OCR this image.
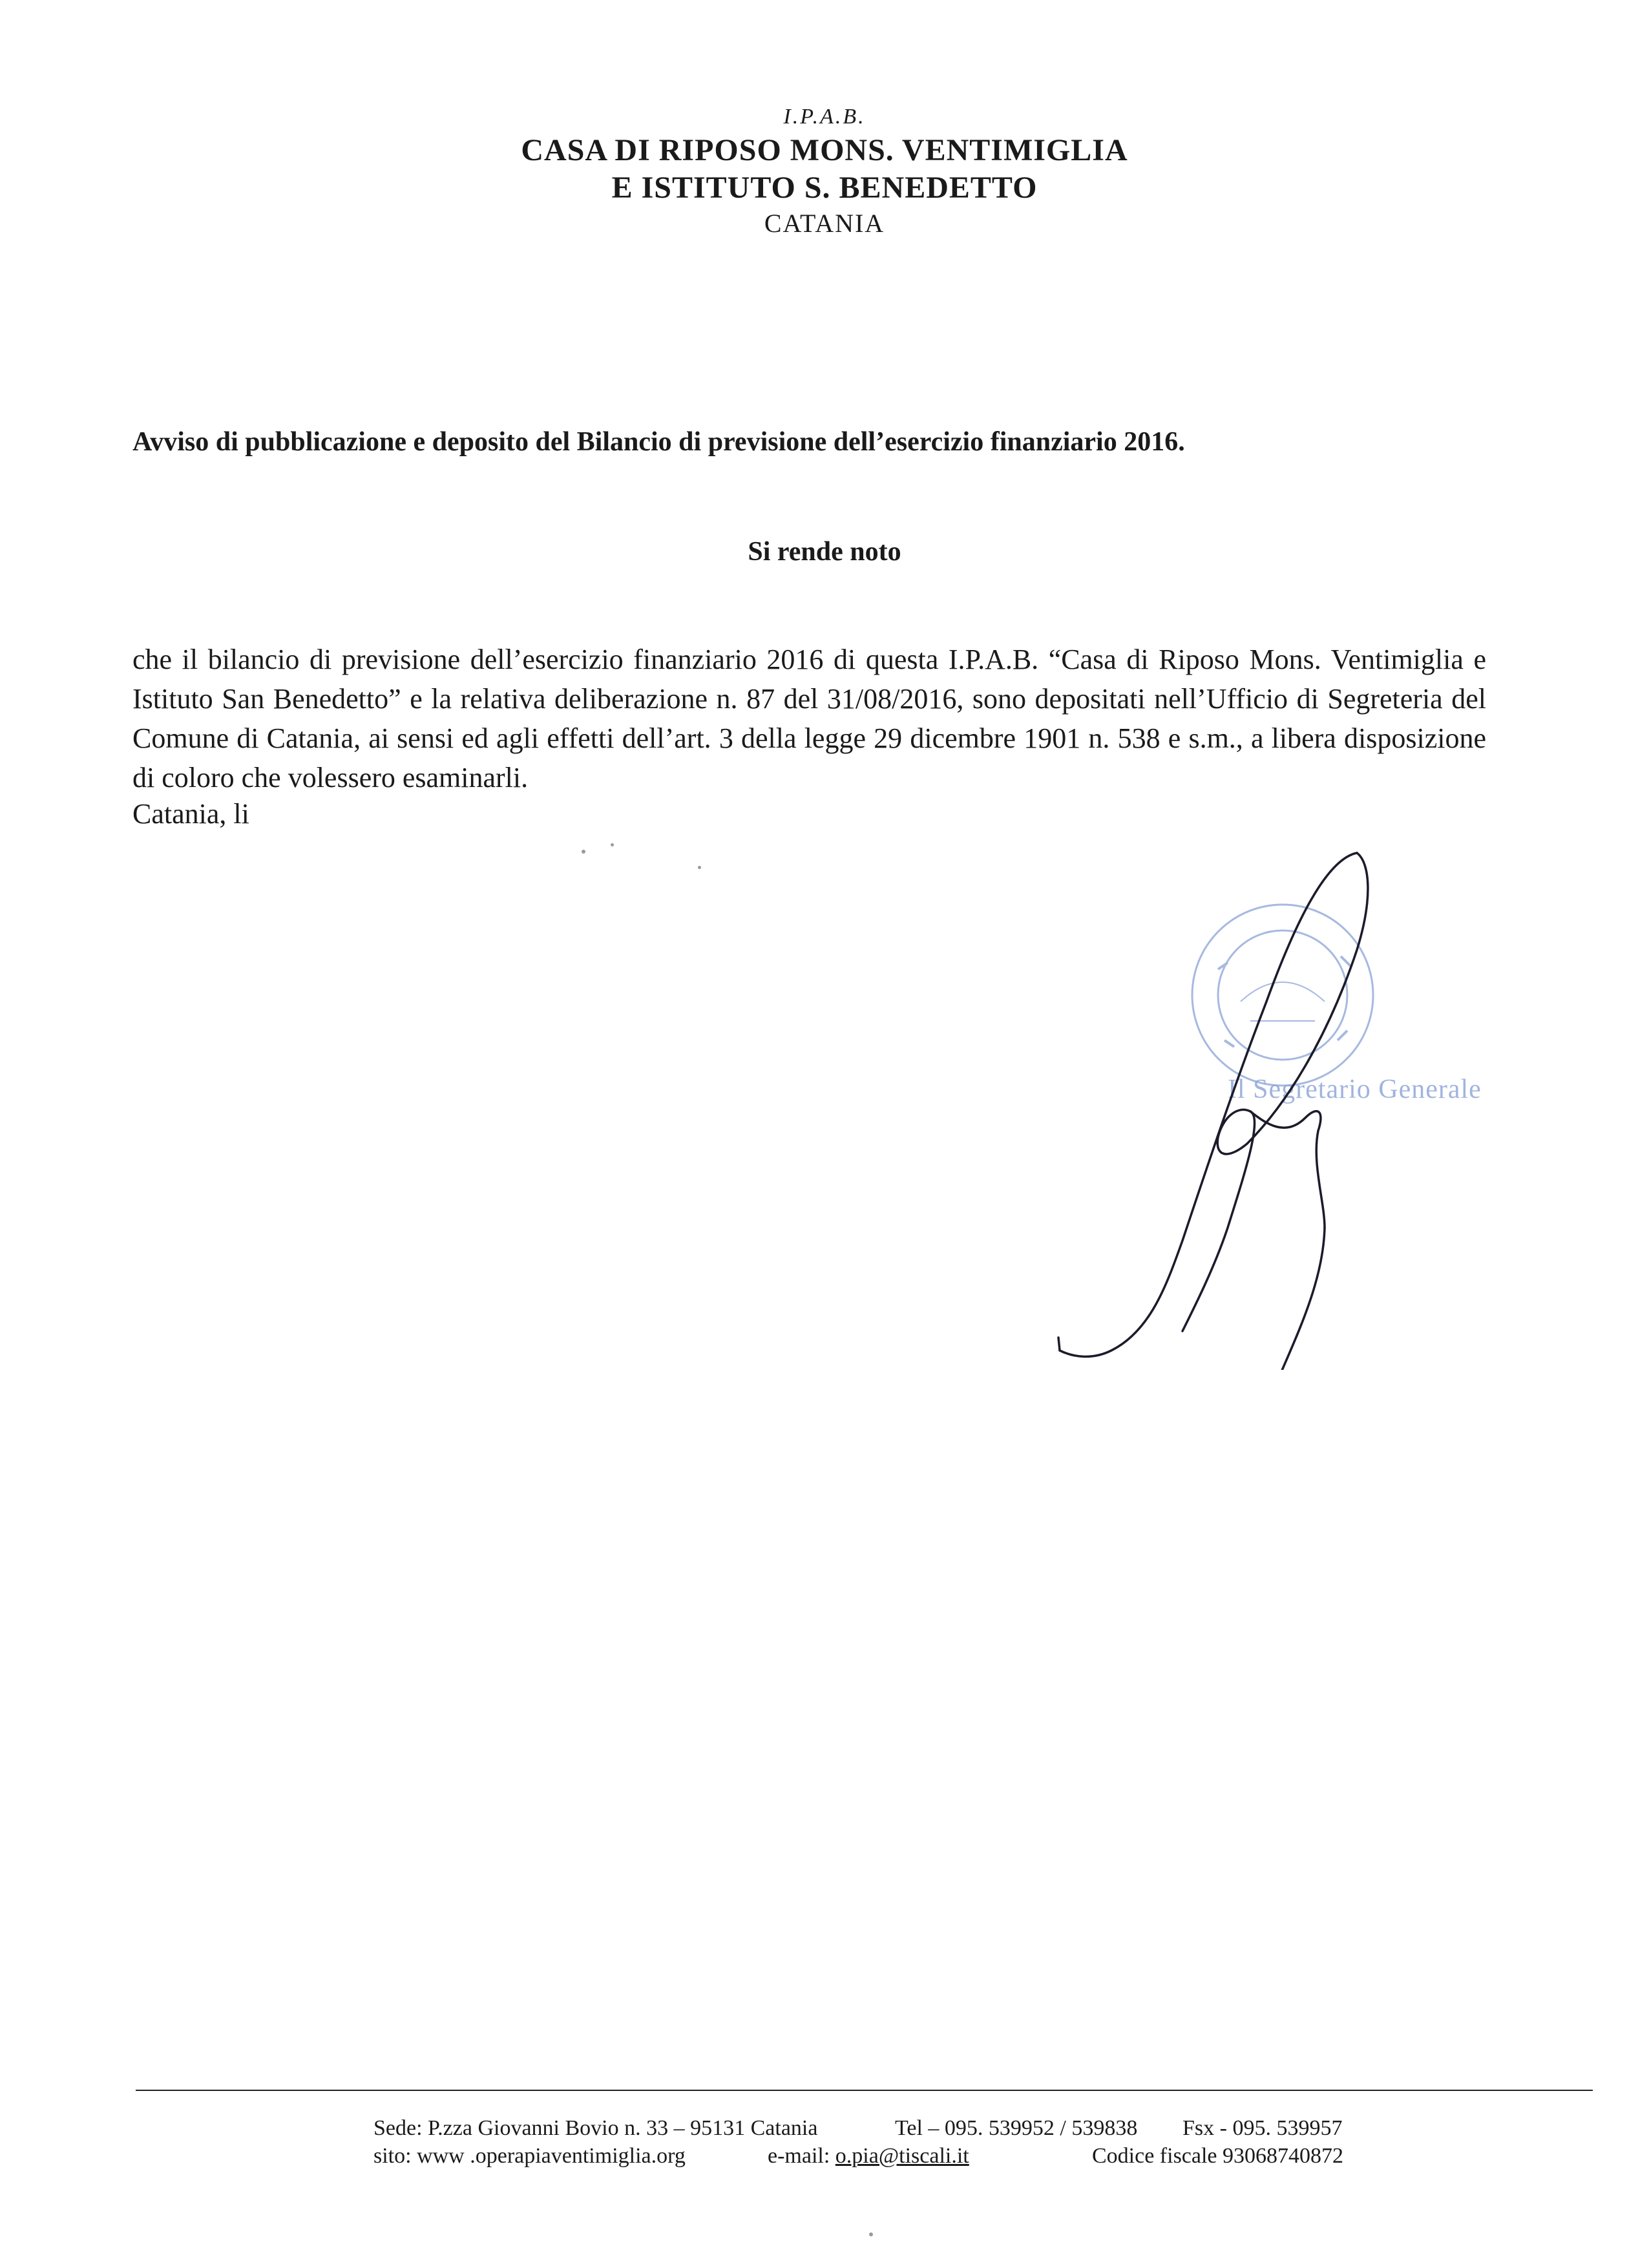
I.P.A.B.
CASA DI RIPOSO MONS. VENTIMIGLIA
E ISTITUTO S. BENEDETTO
CATANIA
Avviso di pubblicazione e deposito del Bilancio di previsione dell’esercizio finanziario 2016.
Si rende noto
che il bilancio di previsione dell’esercizio finanziario 2016 di questa I.P.A.B. “Casa di Riposo Mons. Ventimiglia e Istituto San Benedetto” e la relativa deliberazione n. 87 del 31/08/2016, sono depositati nell’Ufficio di Segreteria del Comune di Catania, ai sensi ed agli effetti dell’art. 3 della legge 29 dicembre 1901 n. 538 e s.m., a libera disposizione di coloro che volessero esaminarli.
Catania, li
Il Segretario Generale
Sede: P.zza Giovanni Bovio n. 33 – 95131 Catania	Tel – 095. 539952 / 539838 Fsx - 095. 539957
sito: www .operapiaventimiglia.org	e-mail: o.pia@tiscali.it	Codice fiscale 93068740872
